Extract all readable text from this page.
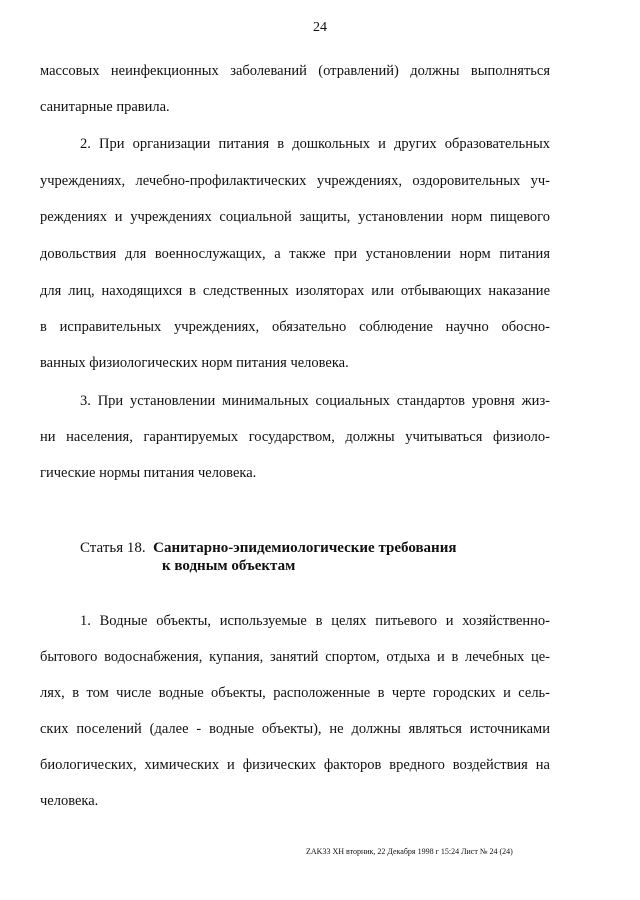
24
массовых неинфекционных заболеваний (отравлений) должны выполняться
санитарные правила.
2. При организации питания в дошкольных и других образовательных
учреждениях, лечебно-профилактических учреждениях, оздоровительных уч-
реждениях и учреждениях социальной защиты, установлении норм пищевого
довольствия для военнослужащих, а также при установлении норм питания
для лиц, находящихся в следственных изоляторах или отбывающих наказание
в исправительных учреждениях, обязательно соблюдение научно обосно-
ванных физиологических норм питания человека.
3. При установлении минимальных социальных стандартов уровня жиз-
ни населения, гарантируемых государством, должны учитываться физиоло-
гические нормы питания человека.
Статья 18. Санитарно-эпидемиологические требования
к водным объектам
1. Водные объекты, используемые в целях питьевого и хозяйственно-
бытового водоснабжения, купания, занятий спортом, отдыха и в лечебных це-
лях, в том числе водные объекты, расположенные в черте городских и сель-
ских поселений (далее - водные объекты), не должны являться источниками
биологических, химических и физических факторов вредного воздействия на
человека.
ZAK33 XH вторник, 22 Декабря 1998 г 15:24 Лист № 24 (24)
